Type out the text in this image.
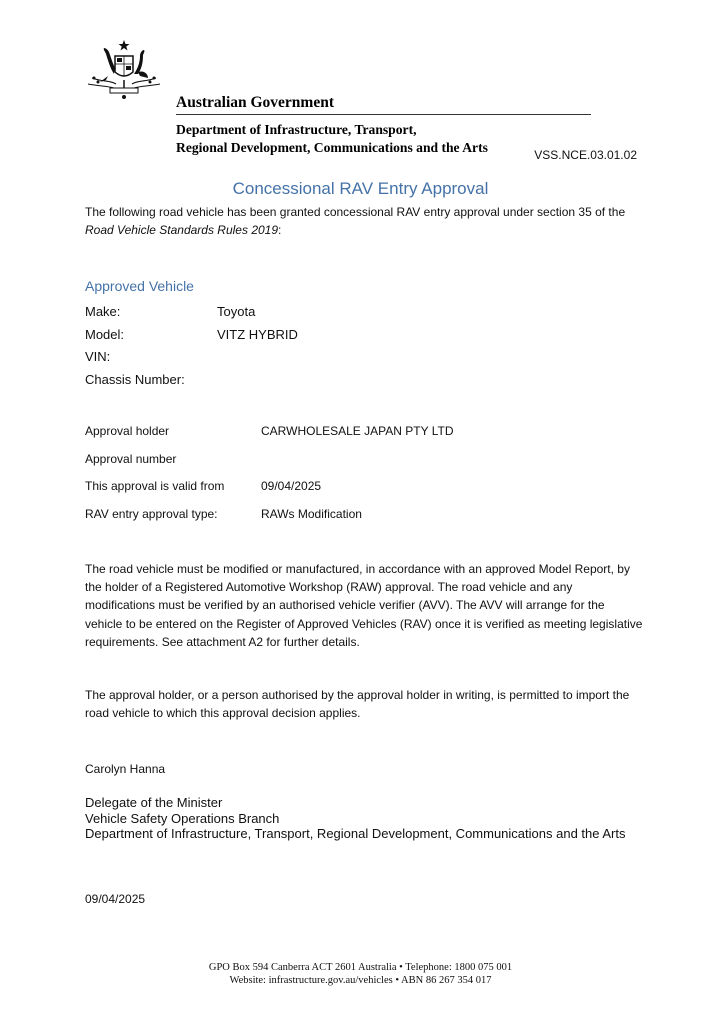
Australian Government
Department of Infrastructure, Transport,
Regional Development, Communications and the Arts	VSS.NCE.03.01.02
Concessional RAV Entry Approval
The following road vehicle has been granted concessional RAV entry approval under section 35 of the Road Vehicle Standards Rules 2019:
Approved Vehicle
Make:	Toyota
Model:	VITZ HYBRID
VIN:
Chassis Number:
Approval holder	CARWHOLESALE JAPAN PTY LTD
Approval number
This approval is valid from	09/04/2025
RAV entry approval type:	RAWs Modification
The road vehicle must be modified or manufactured, in accordance with an approved Model Report, by the holder of a Registered Automotive Workshop (RAW) approval. The road vehicle and any modifications must be verified by an authorised vehicle verifier (AVV). The AVV will arrange for the vehicle to be entered on the Register of Approved Vehicles (RAV) once it is verified as meeting legislative requirements. See attachment A2 for further details.
The approval holder, or a person authorised by the approval holder in writing, is permitted to import the road vehicle to which this approval decision applies.
Carolyn Hanna
Delegate of the Minister
Vehicle Safety Operations Branch
Department of Infrastructure, Transport, Regional Development, Communications and the Arts
09/04/2025
GPO Box 594 Canberra ACT 2601 Australia • Telephone: 1800 075 001
Website: infrastructure.gov.au/vehicles • ABN 86 267 354 017
